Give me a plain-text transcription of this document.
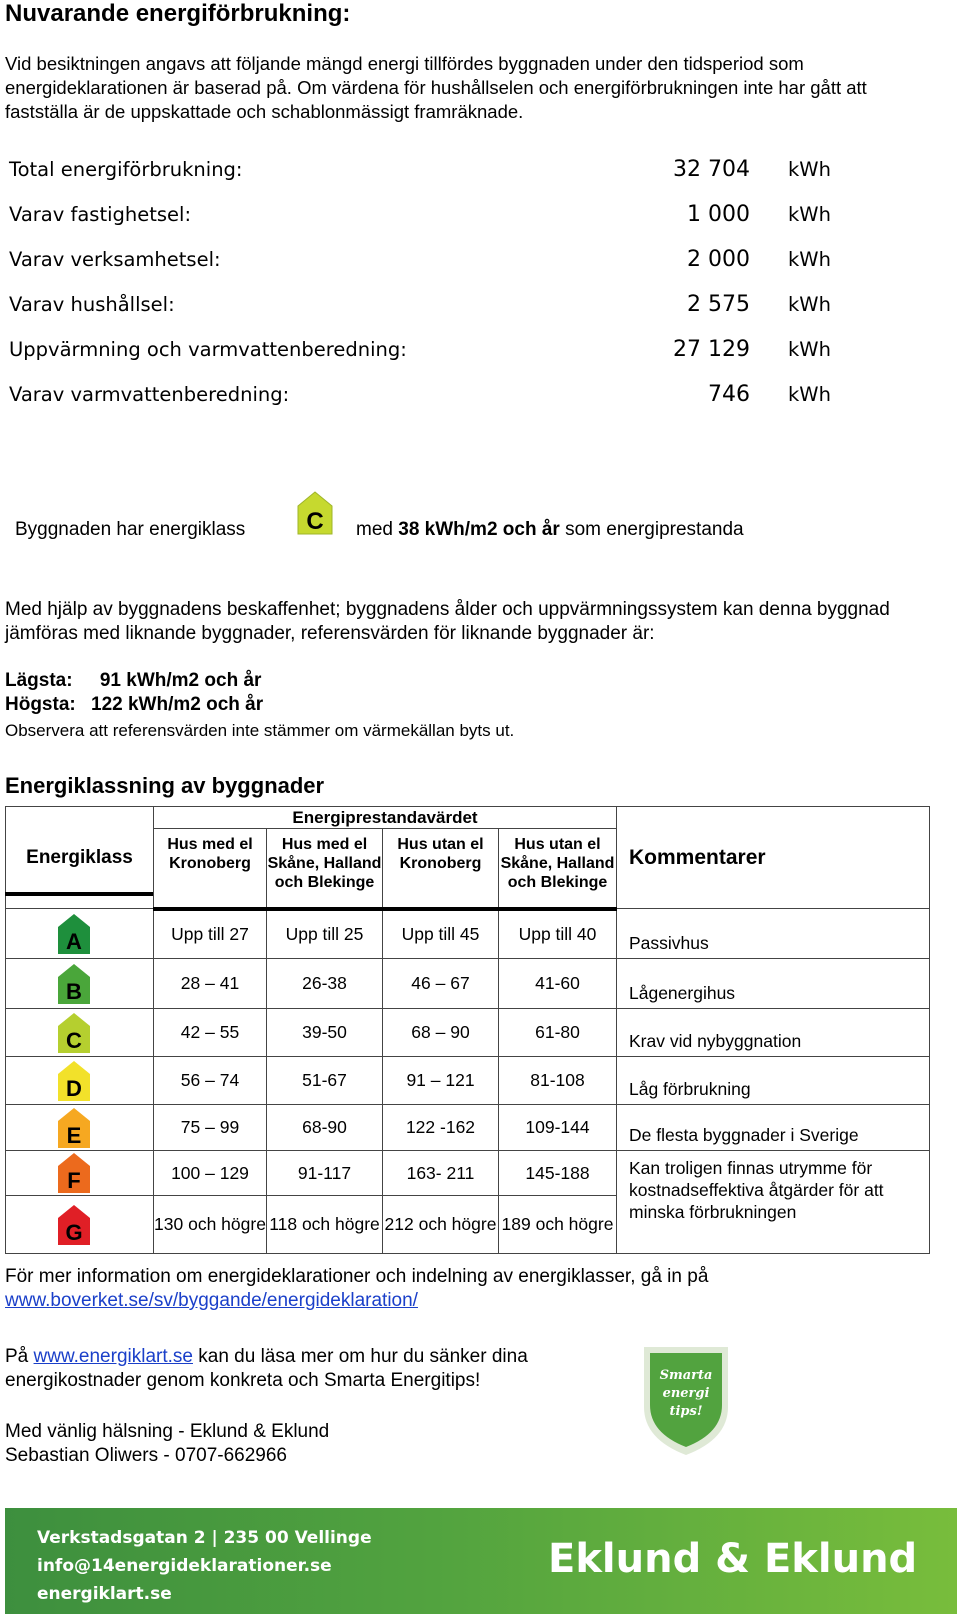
Nuvarande energiförbrukning:
Vid besiktningen angavs att följande mängd energi tillfördes byggnaden under den tidsperiod som energideklarationen är baserad på. Om värdena för hushållselen och energiförbrukningen inte har gått att fastställa är de uppskattade och schablonmässigt framräknade.
Total energiförbrukning:	32 704 kWh
Varav fastighetsel:	1 000 kWh
Varav verksamhetsel:	2 000 kWh
Varav hushållsel:	2 575 kWh
Uppvärmning och varmvattenberedning:	27 129 kWh
Varav varmvattenberedning:	746 kWh
Byggnaden har energiklass	C med 38 kWh/m2 och år som energiprestanda
Med hjälp av byggnadens beskaffenhet; byggnadens ålder och uppvärmningssystem kan denna byggnad jämföras med liknande byggnader, referensvärden för liknande byggnader är:
Lägsta: 91 kWh/m2 och år
Högsta: 122 kWh/m2 och år
Observera att referensvärden inte stämmer om värmekällan byts ut.
Energiklassning av byggnader
Energiklass	Energiprestandavärdet				Kommentarer
	Hus med el Kronoberg	Hus med el Skåne, Halland och Blekinge	Hus utan el Kronoberg	Hus utan el Skåne, Halland och Blekinge	

A	Upp till 27	Upp till 25	Upp till 45	Upp till 40	Passivhus

B	28 – 41	26-38	46 – 67	41-60	Lågenergihus

C	42 – 55	39-50	68 – 90	61-80	Krav vid nybyggnation

D	56 – 74	51-67	91 – 121	81-108	Låg förbrukning

E	75 – 99	68-90	122 -162	109-144	De flesta byggnader i Sverige

F	100 – 129	91-117	163- 211	145-188	Kan troligen finnas utrymme för kostnadseffektiva åtgärder för att minska förbrukningen

G	130 och högre	118 och högre	212 och högre	189 och högre	
För mer information om energideklarationer och indelning av energiklasser, gå in på
www.boverket.se/sv/byggande/energideklaration/
På www.energiklart.se kan du läsa mer om hur du sänker dina energikostnader genom konkreta och Smarta Energitips!	Smarta
energi
tips!
Med vänlig hälsning - Eklund & Eklund
Sebastian Oliwers - 0707-662966
Verkstadsgatan 2 | 235 00 Vellinge
info@14energideklarationer.se
energiklart.se
Eklund & Eklund
